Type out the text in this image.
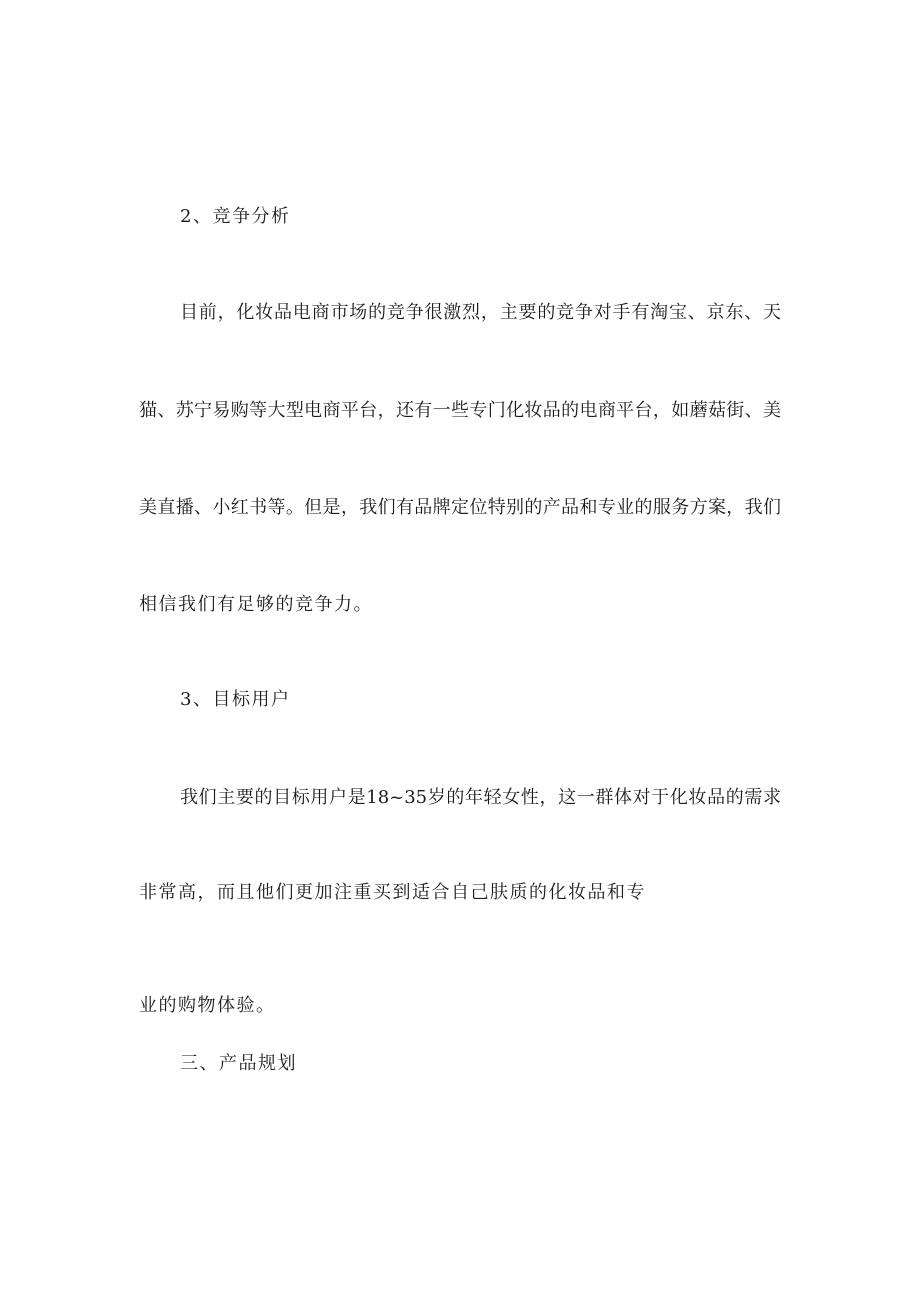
2、竞争分析
目前，化妆品电商市场的竞争很激烈，主要的竞争对手有淘宝、京东、天
猫、苏宁易购等大型电商平台，还有一些专门化妆品的电商平台，如蘑菇街、美
美直播、小红书等。但是，我们有品牌定位特别的产品和专业的服务方案，我们
相信我们有足够的竞争力。
3、目标用户
我们主要的目标用户是18~35岁的年轻女性，这一群体对于化妆品的需求
非常高，而且他们更加注重买到适合自己肤质的化妆品和专
业的购物体验。
三、产品规划
